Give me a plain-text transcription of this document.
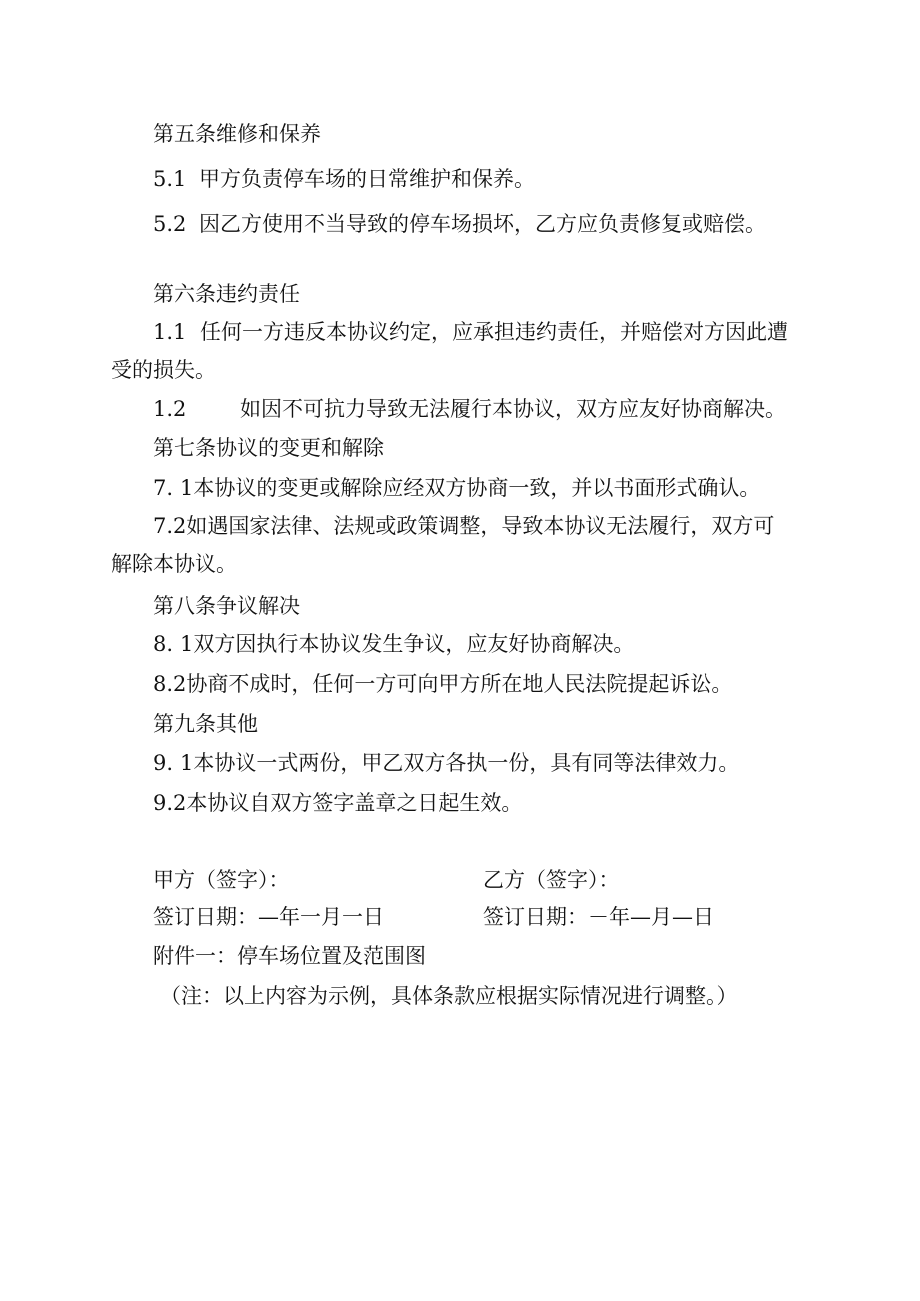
第五条维修和保养
5.1 甲方负责停车场的日常维护和保养。
5.2 因乙方使用不当导致的停车场损坏，乙方应负责修复或赔偿。
第六条违约责任
1.1 任何一方违反本协议约定，应承担违约责任，并赔偿对方因此遭
受的损失。
1.2	如因不可抗力导致无法履行本协议，双方应友好协商解决。
第七条协议的变更和解除
7. 1本协议的变更或解除应经双方协商一致，并以书面形式确认。
7.2如遇国家法律、法规或政策调整，导致本协议无法履行，双方可
解除本协议。
第八条争议解决
8. 1双方因执行本协议发生争议，应友好协商解决。
8.2协商不成时，任何一方可向甲方所在地人民法院提起诉讼。
第九条其他
9. 1本协议一式两份，甲乙双方各执一份，具有同等法律效力。
9.2本协议自双方签字盖章之日起生效。
甲方（签字）：	乙方（签字）：
签订日期：—年一月一日	签订日期：－年—月—日
附件一：停车场位置及范围图
（注：以上内容为示例，具体条款应根据实际情况进行调整。）
